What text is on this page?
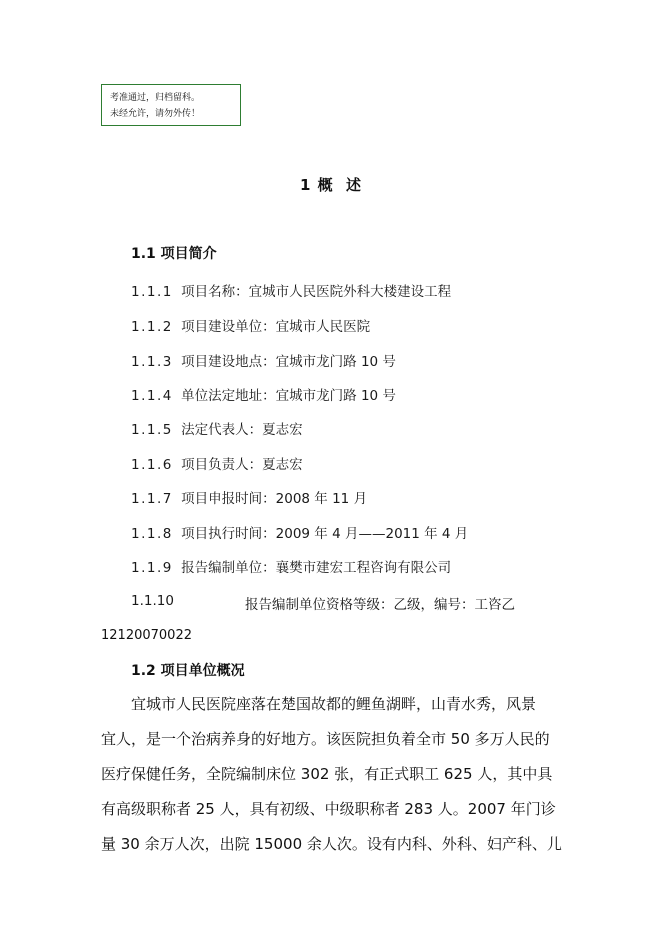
考准通过，归档留科。
未经允许，请勿外传！
1 概  述
1.1 项目简介
1.1.1 项目名称：宜城市人民医院外科大楼建设工程
1.1.2 项目建设单位：宜城市人民医院
1.1.3 项目建设地点：宜城市龙门路 10 号
1.1.4 单位法定地址：宜城市龙门路 10 号
1.1.5 法定代表人：夏志宏
1.1.6 项目负责人：夏志宏
1.1.7 项目申报时间：2008 年 11 月
1.1.8 项目执行时间：2009 年 4 月——2011 年 4 月
1.1.9 报告编制单位：襄樊市建宏工程咨询有限公司
1.1.10	报告编制单位资格等级：乙级，编号：工咨乙
12120070022
1.2 项目单位概况
宜城市人民医院座落在楚国故都的鲤鱼湖畔，山青水秀，风景
宜人，是一个治病养身的好地方。该医院担负着全市 50 多万人民的
医疗保健任务，全院编制床位 302 张，有正式职工 625 人，其中具
有高级职称者 25 人，具有初级、中级职称者 283 人。2007 年门诊
量 30 余万人次，出院 15000 余人次。设有内科、外科、妇产科、儿
